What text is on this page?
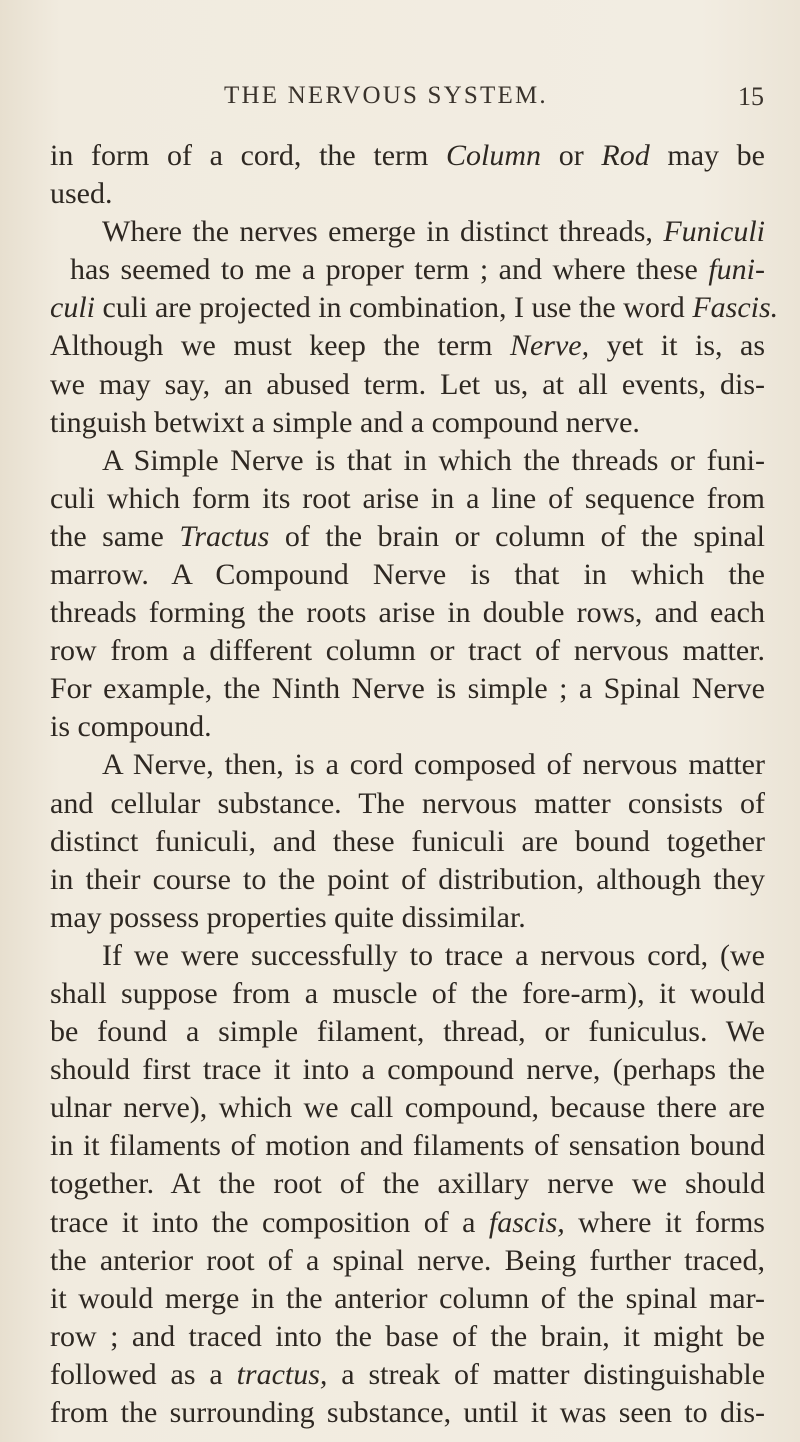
THE NERVOUS SYSTEM.	15
in form of a cord, the term Column or Rod may be
used.
Where the nerves emerge in distinct threads, Funiculi
has seemed to me a proper term ; and where these funi-
culi culi are projected in combination, I use the word Fascis.
Although we must keep the term Nerve, yet it is, as
we may say, an abused term. Let us, at all events, dis-
tinguish betwixt a simple and a compound nerve.
A Simple Nerve is that in which the threads or funi-
culi which form its root arise in a line of sequence from
the same Tractus of the brain or column of the spinal
marrow. A Compound Nerve is that in which the
threads forming the roots arise in double rows, and each
row from a different column or tract of nervous matter.
For example, the Ninth Nerve is simple ; a Spinal Nerve
is compound.
A Nerve, then, is a cord composed of nervous matter
and cellular substance. The nervous matter consists of
distinct funiculi, and these funiculi are bound together
in their course to the point of distribution, although they
may possess properties quite dissimilar.
If we were successfully to trace a nervous cord, (we
shall suppose from a muscle of the fore-arm), it would
be found a simple filament, thread, or funiculus. We
should first trace it into a compound nerve, (perhaps the
ulnar nerve), which we call compound, because there are
in it filaments of motion and filaments of sensation bound
together. At the root of the axillary nerve we should
trace it into the composition of a fascis, where it forms
the anterior root of a spinal nerve. Being further traced,
it would merge in the anterior column of the spinal mar-
row ; and traced into the base of the brain, it might be
followed as a tractus, a streak of matter distinguishable
from the surrounding substance, until it was seen to dis-
